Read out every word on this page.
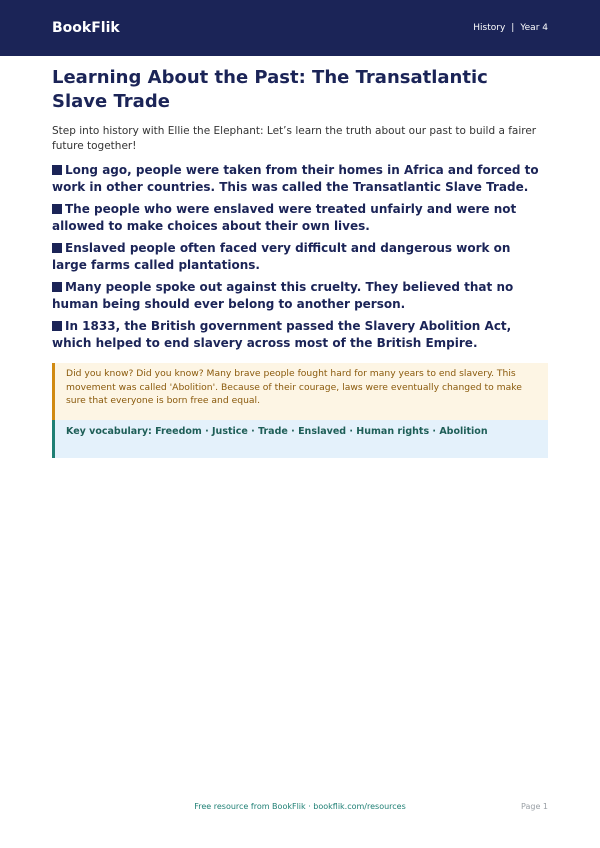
BookFlik	History | Year 4
Learning About the Past: The Transatlantic Slave Trade

Step into history with Ellie the Elephant: Let’s learn the truth about our past to build a fairer future together!

Long ago, people were taken from their homes in Africa and forced to work in other countries. This was called the Transatlantic Slave Trade.
The people who were enslaved were treated unfairly and were not allowed to make choices about their own lives.
Enslaved people often faced very difficult and dangerous work on large farms called plantations.
Many people spoke out against this cruelty. They believed that no human being should ever belong to another person.
In 1833, the British government passed the Slavery Abolition Act, which helped to end slavery across most of the British Empire.
Did you know? Did you know? Many brave people fought hard for many years to end slavery. This movement was called 'Abolition'. Because of their courage, laws were eventually changed to make sure that everyone is born free and equal.
Key vocabulary: Freedom · Justice · Trade · Enslaved · Human rights · Abolition
Free resource from BookFlik · bookflik.com/resources	Page 1
